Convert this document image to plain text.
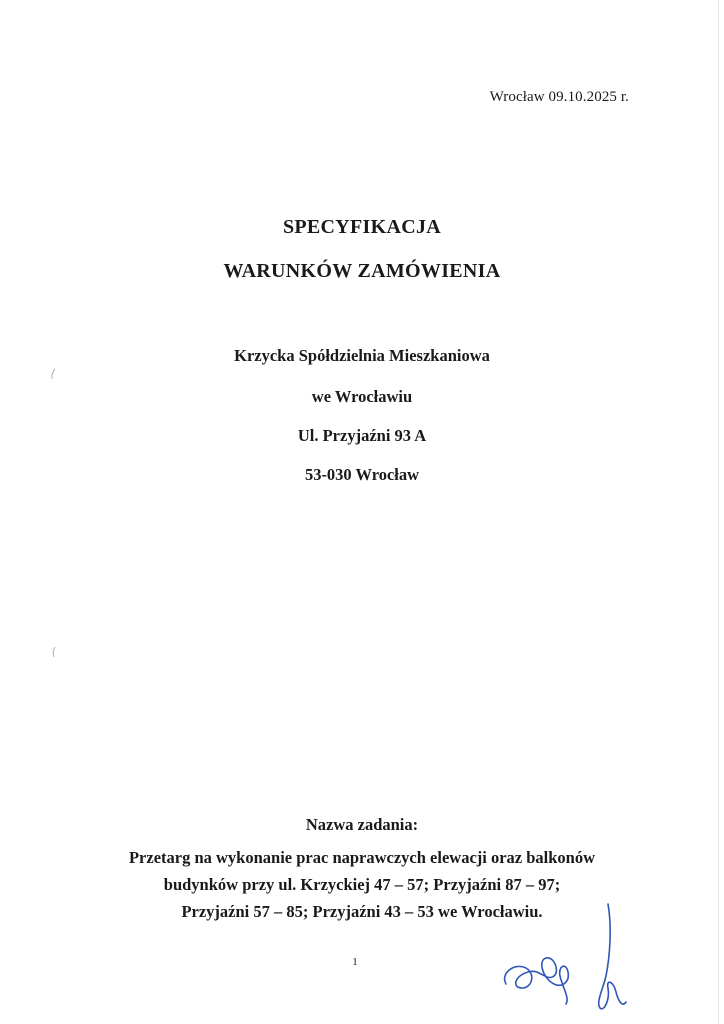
Wrocław 09.10.2025 r.
SPECYFIKACJA
WARUNKÓW ZAMÓWIENIA
Krzycka Spółdzielnia Mieszkaniowa
we Wrocławiu
Ul. Przyjaźni 93 A
53-030 Wrocław
Nazwa zadania:
Przetarg na wykonanie prac naprawczych elewacji oraz balkonów
budynków przy ul. Krzyckiej 47 – 57; Przyjaźni 87 – 97;
Przyjaźni 57 – 85; Przyjaźni 43 – 53 we Wrocławiu.
1
